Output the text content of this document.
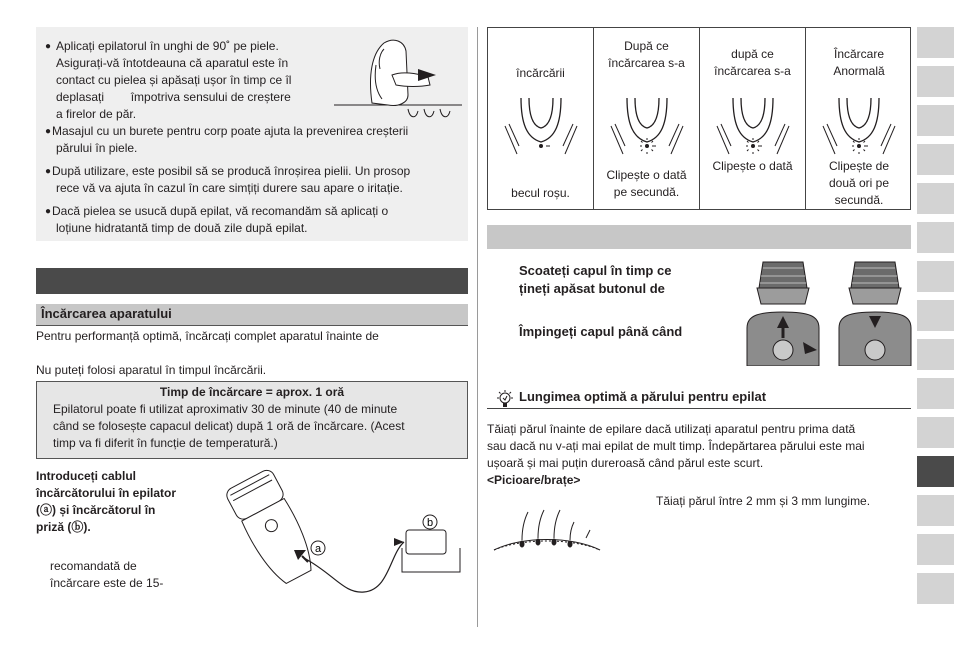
● Aplicați epilatorul în unghi de 90˚ pe piele.
Asigurați-vă întotdeauna că aparatul este în
contact cu pielea și apăsați ușor în timp ce îl
deplasați        împotriva sensului de creștere
a firelor de păr.
● Masajul cu un burete pentru corp poate ajuta la prevenirea creșterii
părului în piele.
● După utilizare, este posibil să se producă înroșirea pielii. Un prosop
rece vă va ajuta în cazul în care simțiți durere sau apare o iritație.
● Dacă pielea se usucă după epilat, vă recomandăm să aplicați o
loțiune hidratantă timp de două zile după epilat.
Încărcarea aparatului
Pentru performanță optimă, încărcați complet aparatul înainte de
Nu puteți folosi aparatul în timpul încărcării.
Timp de încărcare = aprox. 1 oră
Epilatorul poate fi utilizat aproximativ 30 de minute (40 de minute
când se folosește capacul delicat) după 1 oră de încărcare. (Acest
timp va fi diferit în funcție de temperatură.)
Introduceți cablul
încărcătorului în epilator
(ⓐ) și încărcătorul în
priză (ⓑ).
recomandată de
încărcare este de 15-
a
b
încărcării
becul roșu.
După ce
încărcarea s-a
Clipește o dată
pe secundă.
după ce
încărcarea s-a
Clipește o dată
Încărcare
Anormală
Clipește de
două ori pe
secundă.
Scoateți capul în timp ce
țineți apăsat butonul de
Împingeți capul până când
Lungimea optimă a părului pentru epilat
Tăiați părul înainte de epilare dacă utilizați aparatul pentru prima dată
sau dacă nu v-ați mai epilat de mult timp. Îndepărtarea părului este mai
ușoară și mai puțin dureroasă când părul este scurt.
<Picioare/brațe>
Tăiați părul între 2 mm și 3 mm lungime.
